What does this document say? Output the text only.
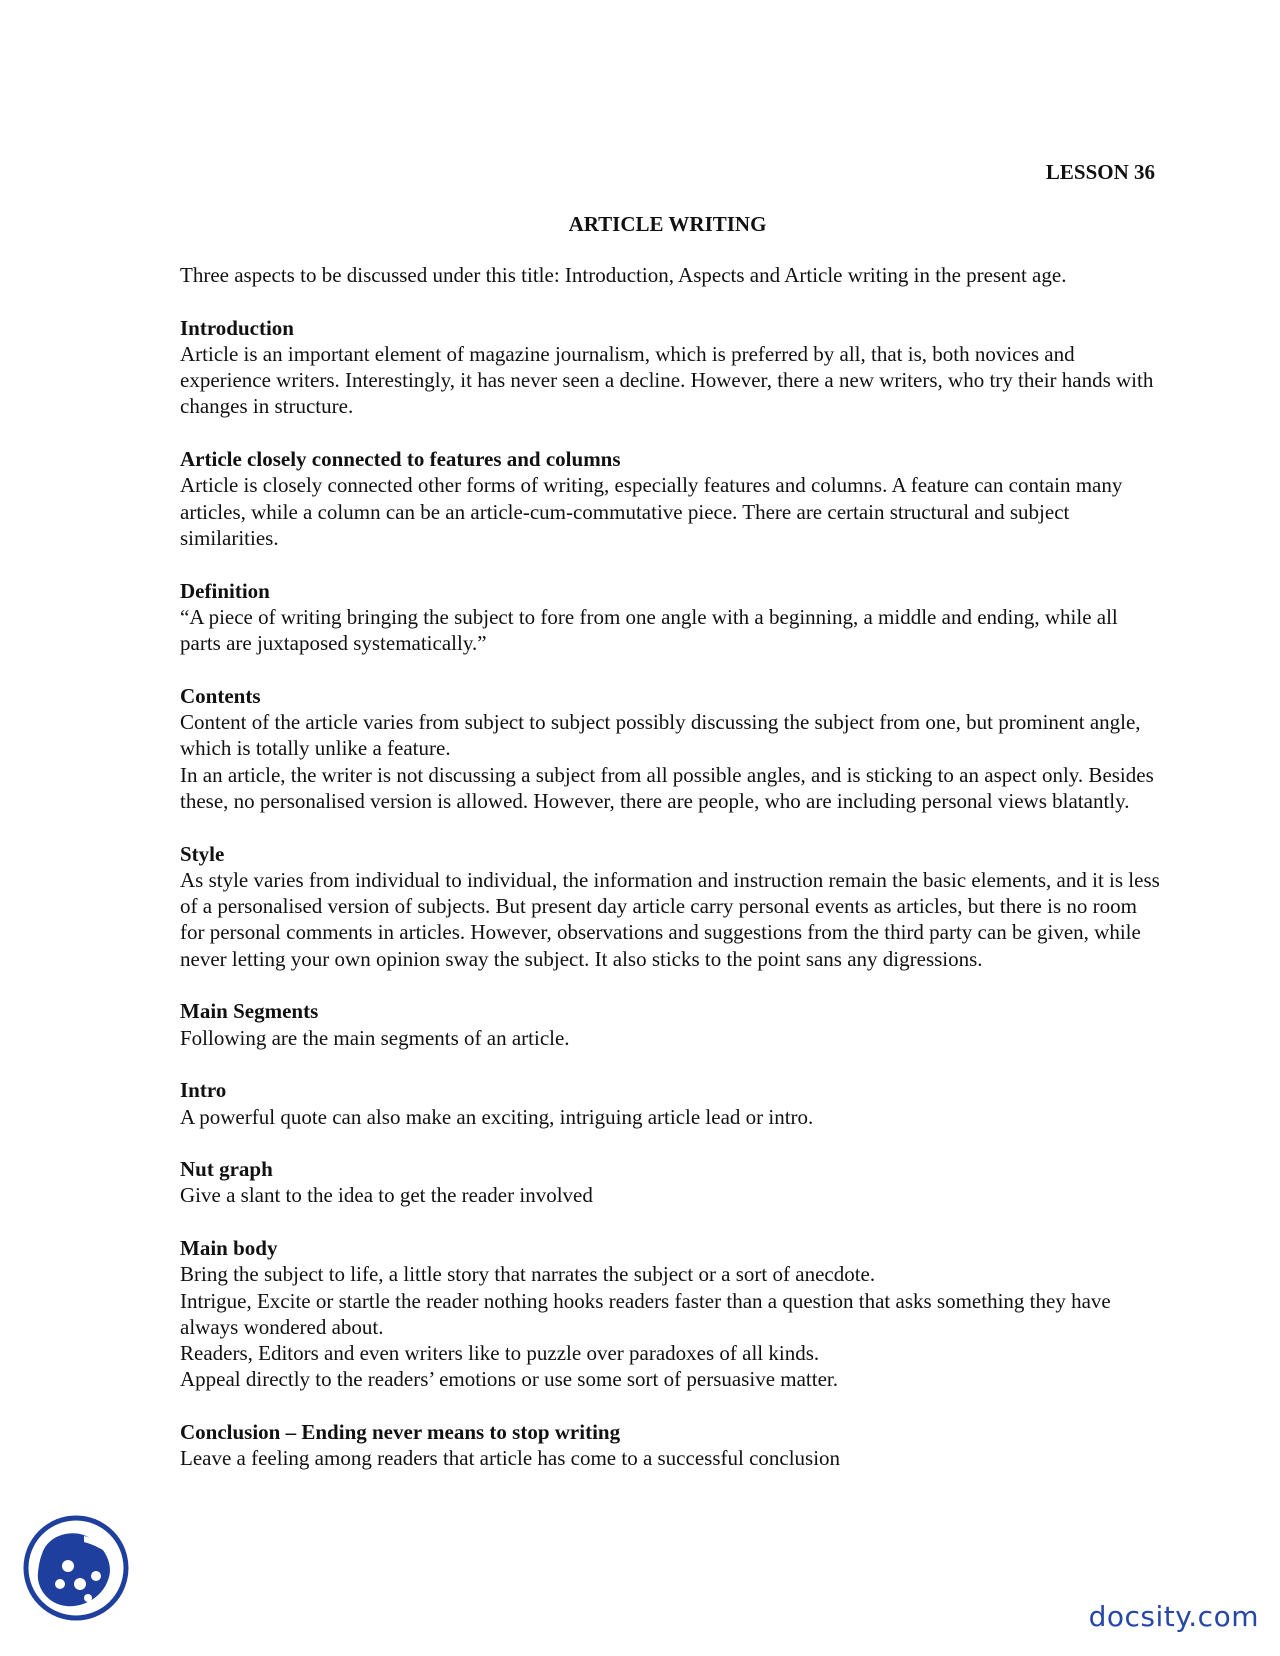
LESSON 36
ARTICLE WRITING

Three aspects to be discussed under this title: Introduction, Aspects and Article writing in the present age.

Introduction

Article is an important element of magazine journalism, which is preferred by all, that is, both novices and experience writers. Interestingly, it has never seen a decline. However, there a new writers, who try their hands with changes in structure.

Article closely connected to features and columns

Article is closely connected other forms of writing, especially features and columns. A feature can contain many articles, while a column can be an article-cum-commutative piece. There are certain structural and subject similarities.

Definition

“A piece of writing bringing the subject to fore from one angle with a beginning, a middle and ending, while all parts are juxtaposed systematically.”

Contents

Content of the article varies from subject to subject possibly discussing the subject from one, but prominent angle, which is totally unlike a feature.

In an article, the writer is not discussing a subject from all possible angles, and is sticking to an aspect only. Besides these, no personalised version is allowed. However, there are people, who are including personal views blatantly.

Style

As style varies from individual to individual, the information and instruction remain the basic elements, and it is less of a personalised version of subjects. But present day article carry personal events as articles, but there is no room for personal comments in articles. However, observations and suggestions from the third party can be given, while never letting your own opinion sway the subject. It also sticks to the point sans any digressions.

Main Segments

Following are the main segments of an article.

Intro

A powerful quote can also make an exciting, intriguing article lead or intro.

Nut graph

Give a slant to the idea to get the reader involved

Main body

Bring the subject to life, a little story that narrates the subject or a sort of anecdote.

Intrigue, Excite or startle the reader nothing hooks readers faster than a question that asks something they have always wondered about.

Readers, Editors and even writers like to puzzle over paradoxes of all kinds.

Appeal directly to the readers’ emotions or use some sort of persuasive matter.

Conclusion – Ending never means to stop writing

Leave a feeling among readers that article has come to a successful conclusion

docsity.com
